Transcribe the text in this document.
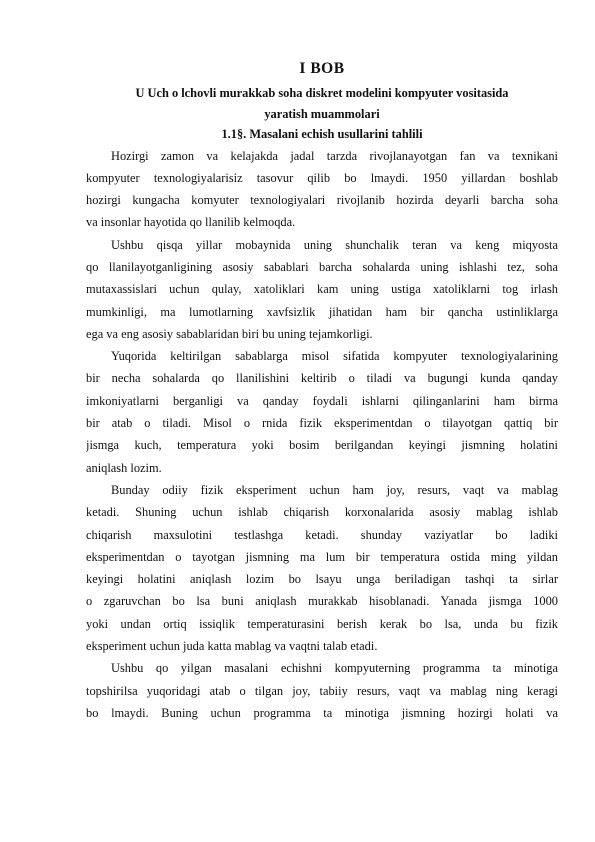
I BOB
U Uch o lchovli murakkab soha diskret modelini kompyuter vositasida
yaratish muammolari
1.1§. Masalani echish usullarini tahlili
Hozirgi zamon va kelajakda jadal tarzda rivojlanayotgan fan va texnikani
kompyuter texnologiyalarisiz tasovur qilib bo lmaydi. 1950 yillardan boshlab
hozirgi kungacha komyuter texnologiyalari rivojlanib hozirda deyarli barcha soha
va insonlar hayotida qo llanilib kelmoqda.
Ushbu qisqa yillar mobaynida uning shunchalik teran va keng miqyosta
qo llanilayotganligining asosiy sabablari barcha sohalarda uning ishlashi tez, soha
mutaxassislari uchun qulay, xatoliklari kam uning ustiga xatoliklarni tog irlash
mumkinligi, ma lumotlarning xavfsizlik jihatidan ham bir qancha ustinliklarga
ega va eng asosiy sabablaridan biri bu uning tejamkorligi.
Yuqorida keltirilgan sabablarga misol sifatida kompyuter texnologiyalarining
bir necha sohalarda qo llanilishini keltirib o tiladi va bugungi kunda qanday
imkoniyatlarni berganligi va qanday foydali ishlarni qilinganlarini ham birma
bir atab o tiladi. Misol o rnida fizik eksperimentdan o tilayotgan qattiq bir
jismga kuch, temperatura yoki bosim berilgandan keyingi jismning holatini
aniqlash lozim.
Bunday odiiy fizik eksperiment uchun ham joy, resurs, vaqt va mablag
ketadi. Shuning uchun ishlab chiqarish korxonalarida asosiy mablag ishlab
chiqarish maxsulotini testlashga ketadi. shunday vaziyatlar bo ladiki
eksperimentdan o tayotgan jismning ma lum bir temperatura ostida ming yildan
keyingi holatini aniqlash lozim bo lsayu unga beriladigan tashqi ta sirlar
o zgaruvchan bo lsa buni aniqlash murakkab hisoblanadi. Yanada jismga 1000
yoki undan ortiq issiqlik temperaturasini berish kerak bo lsa, unda bu fizik
eksperiment uchun juda katta mablag va vaqtni talab etadi.
Ushbu qo yilgan masalani echishni kompyuterning programma ta minotiga
topshirilsa yuqoridagi atab o tilgan joy, tabiiy resurs, vaqt va mablag ning keragi
bo lmaydi. Buning uchun programma ta minotiga jismning hozirgi holati va
